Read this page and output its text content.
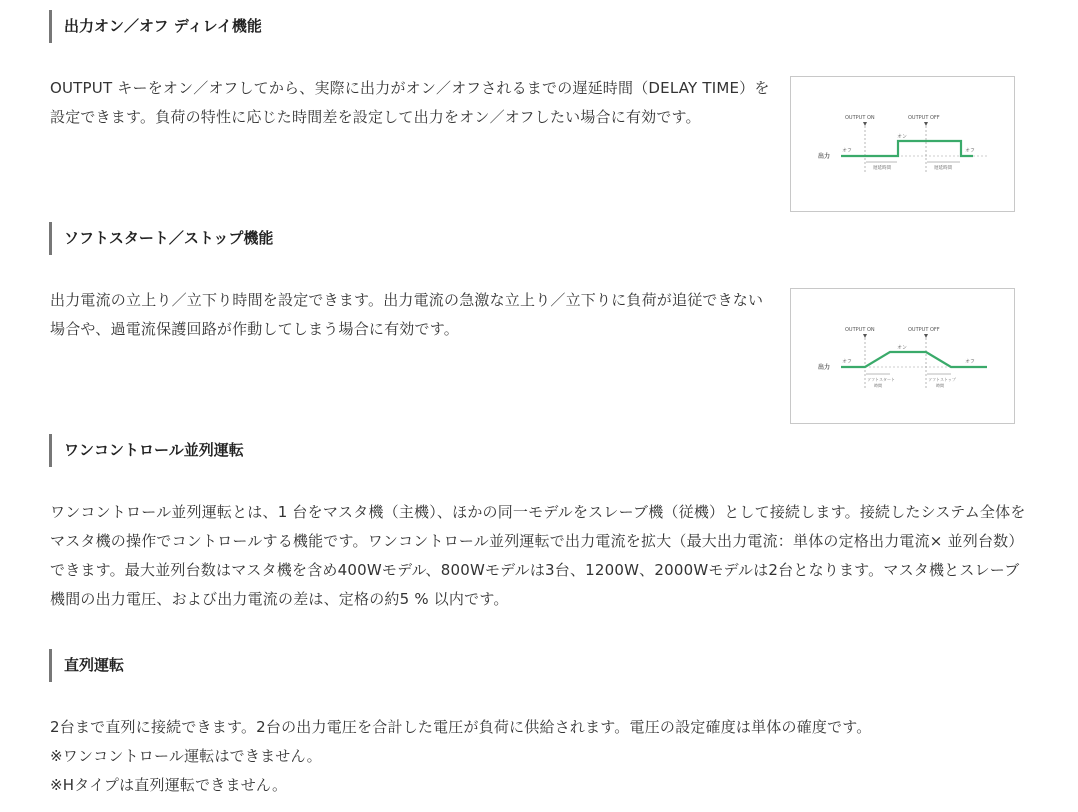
出力オン／オフ ディレイ機能

OUTPUT キーをオン／オフしてから、実際に出力がオン／オフされるまでの遅延時間（DELAY TIME）を設定できます。負荷の特性に応じた時間差を設定して出力をオン／オフしたい場合に有効です。	OUTPUT ON	OUTPUT OFF
出力
オフ
オン
オフ
遅延時間	遅延時間
ソフトスタート／ストップ機能

出力電流の立上り／立下り時間を設定できます。出力電流の急激な立上り／立下りに負荷が追従できない場合や、過電流保護回路が作動してしまう場合に有効です。	OUTPUT ON	OUTPUT OFF
出力
オフ
オン
オフ
ソフトスタート
時間
ソフトストップ
時間
ワンコントロール並列運転

ワンコントロール並列運転とは、1 台をマスタ機（主機）、ほかの同一モデルをスレーブ機（従機）として接続します。接続したシステム全体をマスタ機の操作でコントロールする機能です。ワンコントロール並列運転で出力電流を拡大（最大出力電流：単体の定格出力電流× 並列台数）できます。最大並列台数はマスタ機を含め400Wモデル、800Wモデルは3台、1200W、2000Wモデルは2台となります。マスタ機とスレーブ機間の出力電圧、および出力電流の差は、定格の約5 % 以内です。

直列運転

2台まで直列に接続できます。2台の出力電圧を合計した電圧が負荷に供給されます。電圧の設定確度は単体の確度です。

※ワンコントロール運転はできません。

※Hタイプは直列運転できません。
